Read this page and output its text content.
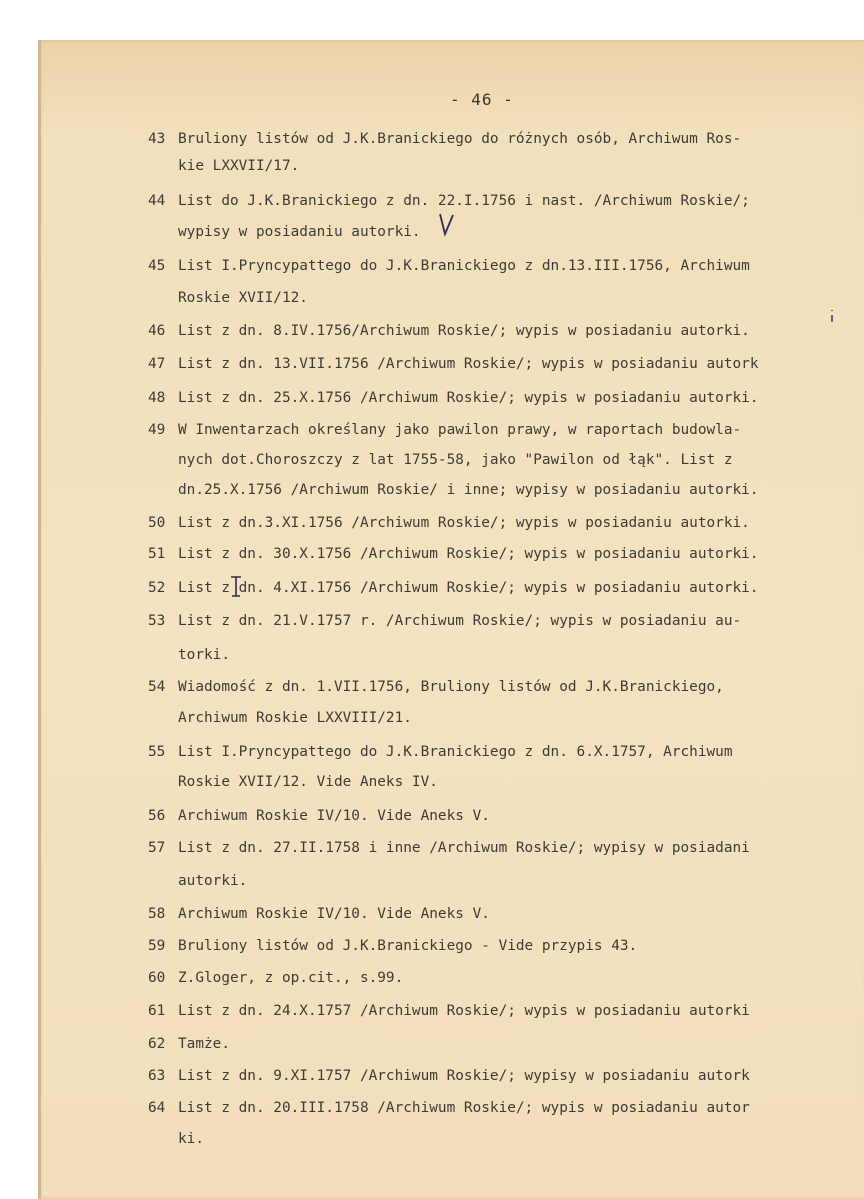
- 46 -
43 Bruliony listów od J.K.Branickiego do różnych osób, Archiwum Ros-
kie LXXVII/17.
44 List do J.K.Branickiego z dn. 22.I.1756 i nast. /Archiwum Roskie/;
wypisy w posiadaniu autorki.
45 List I.Pryncypattego do J.K.Branickiego z dn.13.III.1756, Archiwum
Roskie XVII/12.
46 List z dn. 8.IV.1756/Archiwum Roskie/; wypis w posiadaniu autorki.
47 List z dn. 13.VII.1756 /Archiwum Roskie/; wypis w posiadaniu autork
48 List z dn. 25.X.1756 /Archiwum Roskie/; wypis w posiadaniu autorki.
49 W Inwentarzach określany jako pawilon prawy, w raportach budowla-
nych dot.Choroszczy z lat 1755-58, jako "Pawilon od łąk". List z
dn.25.X.1756 /Archiwum Roskie/ i inne; wypisy w posiadaniu autorki.
50 List z dn.3.XI.1756 /Archiwum Roskie/; wypis w posiadaniu autorki.
51 List z dn. 30.X.1756 /Archiwum Roskie/; wypis w posiadaniu autorki.
52 List z dn. 4.XI.1756 /Archiwum Roskie/; wypis w posiadaniu autorki.
53 List z dn. 21.V.1757 r. /Archiwum Roskie/; wypis w posiadaniu au-
torki.
54 Wiadomość z dn. 1.VII.1756, Bruliony listów od J.K.Branickiego,
Archiwum Roskie LXXVIII/21.
55 List I.Pryncypattego do J.K.Branickiego z dn. 6.X.1757, Archiwum
Roskie XVII/12. Vide Aneks IV.
56 Archiwum Roskie IV/10. Vide Aneks V.
57 List z dn. 27.II.1758 i inne /Archiwum Roskie/; wypisy w posiadani
autorki.
58 Archiwum Roskie IV/10. Vide Aneks V.
59 Bruliony listów od J.K.Branickiego - Vide przypis 43.
60 Z.Gloger, z op.cit., s.99.
61 List z dn. 24.X.1757 /Archiwum Roskie/; wypis w posiadaniu autorki
62 Tamże.
63 List z dn. 9.XI.1757 /Archiwum Roskie/; wypisy w posiadaniu autork
64 List z dn. 20.III.1758 /Archiwum Roskie/; wypis w posiadaniu autor
ki.
